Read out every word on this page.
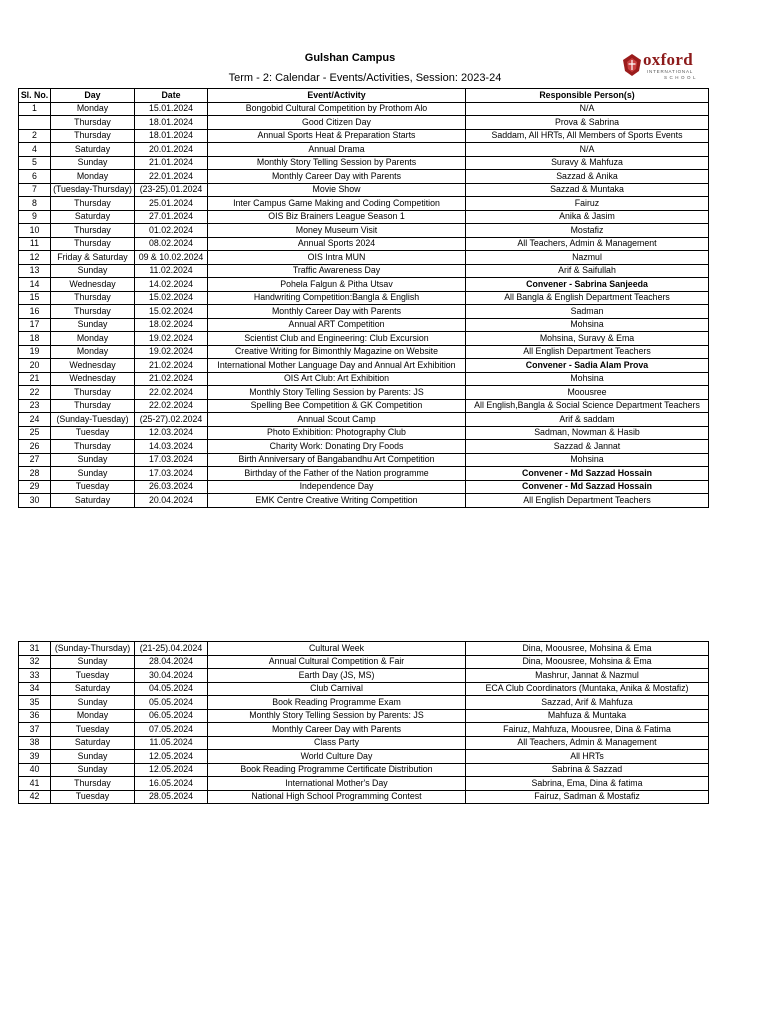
Gulshan Campus
Term - 2: Calendar - Events/Activities, Session: 2023-24
oxford
INTERNATIONAL
SCHOOL
Sl. No.	Day	Date	Event/Activity	Responsible Person(s)
1	Monday	15.01.2024	Bongobid Cultural Competition by Prothom Alo	N/A
	Thursday	18.01.2024	Good Citizen Day	Prova & Sabrina
2	Thursday	18.01.2024	Annual Sports Heat & Preparation Starts	Saddam, All HRTs, All Members of Sports Events
4	Saturday	20.01.2024	Annual Drama	N/A
5	Sunday	21.01.2024	Monthly Story Telling Session by Parents	Suravy & Mahfuza
6	Monday	22.01.2024	Monthly Career Day with Parents	Sazzad & Anika
7	(Tuesday-Thursday)	(23-25).01.2024	Movie Show	Sazzad & Muntaka
8	Thursday	25.01.2024	Inter Campus Game Making and Coding Competition	Fairuz
9	Saturday	27.01.2024	OIS Biz Brainers League Season 1	Anika & Jasim
10	Thursday	01.02.2024	Money Museum Visit	Mostafiz
11	Thursday	08.02.2024	Annual Sports 2024	All Teachers, Admin & Management
12	Friday & Saturday	09 & 10.02.2024	OIS Intra MUN	Nazmul
13	Sunday	11.02.2024	Traffic Awareness Day	Arif & Saifullah
14	Wednesday	14.02.2024	Pohela Falgun & Pitha Utsav	Convener - Sabrina Sanjeeda
15	Thursday	15.02.2024	Handwriting Competition:Bangla & English	All Bangla & English Department Teachers
16	Thursday	15.02.2024	Monthly Career Day with Parents	Sadman
17	Sunday	18.02.2024	Annual ART Competition	Mohsina
18	Monday	19.02.2024	Scientist Club and Engineering: Club Excursion	Mohsina, Suravy & Ema
19	Monday	19.02.2024	Creative Writing for Bimonthly Magazine on Website	All English Department Teachers
20	Wednesday	21.02.2024	International Mother Language Day and Annual Art Exhibition	Convener - Sadia Alam Prova
21	Wednesday	21.02.2024	OIS Art Club: Art Exhibition	Mohsina
22	Thursday	22.02.2024	Monthly Story Telling Session by Parents: JS	Moousree
23	Thursday	22.02.2024	Spelling Bee Competition & GK Competition	All English,Bangla & Social Science Department Teachers
24	(Sunday-Tuesday)	(25-27).02.2024	Annual Scout Camp	Arif & saddam
25	Tuesday	12.03.2024	Photo Exhibition: Photography Club	Sadman, Nowman & Hasib
26	Thursday	14.03.2024	Charity Work: Donating Dry Foods	Sazzad & Jannat
27	Sunday	17.03.2024	Birth Anniversary of Bangabandhu Art Competition	Mohsina
28	Sunday	17.03.2024	Birthday of the Father of the Nation programme	Convener - Md Sazzad Hossain
29	Tuesday	26.03.2024	Independence Day	Convener - Md Sazzad Hossain
30	Saturday	20.04.2024	EMK Centre Creative Writing Competition	All English Department Teachers
31	(Sunday-Thursday)	(21-25).04.2024	Cultural Week	Dina, Moousree, Mohsina & Ema
32	Sunday	28.04.2024	Annual Cultural Competition & Fair	Dina, Moousree, Mohsina & Ema
33	Tuesday	30.04.2024	Earth Day (JS, MS)	Mashrur, Jannat & Nazmul
34	Saturday	04.05.2024	Club Carnival	ECA Club Coordinators (Muntaka, Anika & Mostafiz)
35	Sunday	05.05.2024	Book Reading Programme Exam	Sazzad, Arif & Mahfuza
36	Monday	06.05.2024	Monthly Story Telling Session by Parents: JS	Mahfuza & Muntaka
37	Tuesday	07.05.2024	Monthly Career Day with Parents	Fairuz, Mahfuza, Moousree, Dina & Fatima
38	Saturday	11.05.2024	Class Party	All Teachers, Admin & Management
39	Sunday	12.05.2024	World Culture Day	All HRTs
40	Sunday	12.05.2024	Book Reading Programme Certificate Distribution	Sabrina & Sazzad
41	Thursday	16.05.2024	International Mother's Day	Sabrina, Ema, Dina & fatima
42	Tuesday	28.05.2024	National High School Programming Contest	Fairuz, Sadman & Mostafiz
